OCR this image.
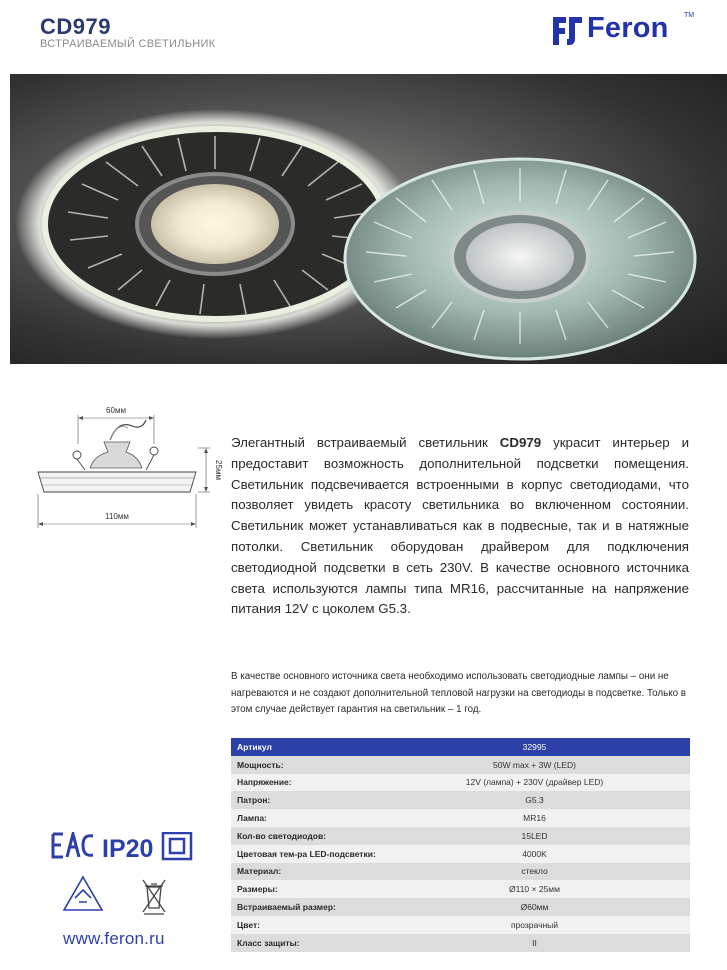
CD979
ВСТРАИВАЕМЫЙ СВЕТИЛЬНИК	Feron TM
60мм
25мм
110мм
Элегантный встраиваемый светильник CD979 украсит интерьер и предоставит возможность дополнительной подсветки помещения. Светильник подсвечивается встроенными в корпус светодиодами, что позволяет увидеть красоту светильника во включенном состоянии. Светильник может устанавливаться как в подвесные, так и в натяжные потолки. Светильник оборудован драйвером для подключения светодиодной подсветки в сеть 230V. В качестве основного источника света используются лампы типа MR16, рассчитанные на напряжение питания 12V с цоколем G5.3.
В качестве основного источника света необходимо использовать светодиодные лампы – они не нагреваются и не создают дополнительной тепловой нагрузки на светодиоды в подсветке. Только в этом случае действует гарантия на светильник – 1 год.
Артикул	32995
Мощность:	50W max + 3W (LED)
Напряжение:	12V (лампа) + 230V (драйвер LED)
Патрон:	G5.3
Лампа:	MR16
Кол-во светодиодов:	15LED
Цветовая тем-ра LED-подсветки:	4000K
Материал:	стекло
Размеры:	Ø110 × 25мм
Встраиваемый размер:	Ø60мм
Цвет:	прозрачный
Класс защиты:	II
IP20
www.feron.ru
